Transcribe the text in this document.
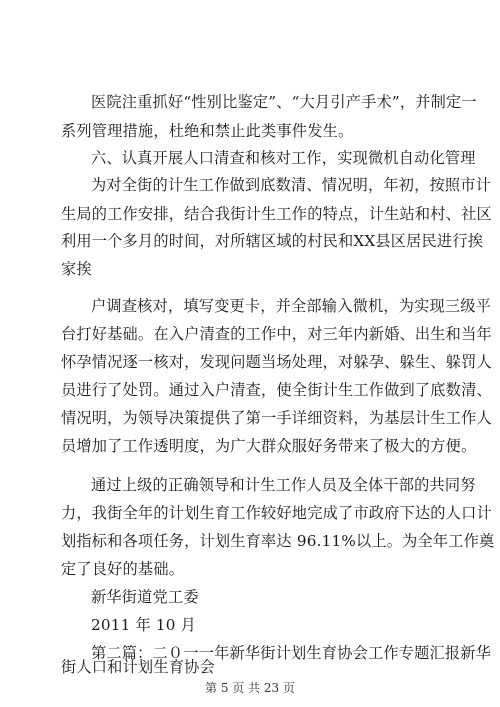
医院注重抓好“性别比鉴定”、“大月引产手术”，并制定一
系列管理措施，杜绝和禁止此类事件发生。
六、认真开展人口清查和核对工作，实现微机自动化管理
为对全街的计生工作做到底数清、情况明，年初，按照市计
生局的工作安排，结合我街计生工作的特点，计生站和村、社区
利用一个多月的时间，对所辖区域的村民和XX县区居民进行挨
家挨
户调查核对，填写变更卡，并全部输入微机，为实现三级平
台打好基础。在入户清查的工作中，对三年内新婚、出生和当年
怀孕情况逐一核对，发现问题当场处理，对躲孕、躲生、躲罚人
员进行了处罚。通过入户清查，使全街计生工作做到了底数清、
情况明，为领导决策提供了第一手详细资料，为基层计生工作人
员增加了工作透明度，为广大群众服好务带来了极大的方便。
通过上级的正确领导和计生工作人员及全体干部的共同努
力，我街全年的计划生育工作较好地完成了市政府下达的人口计
划指标和各项任务，计划生育率达 96.11%以上。为全年工作奠
定了良好的基础。
新华街道党工委
2011 年 10 月
第二篇：二０一一年新华街计划生育协会工作专题汇报新华
街人口和计划生育协会
第 5 页 共 23 页
